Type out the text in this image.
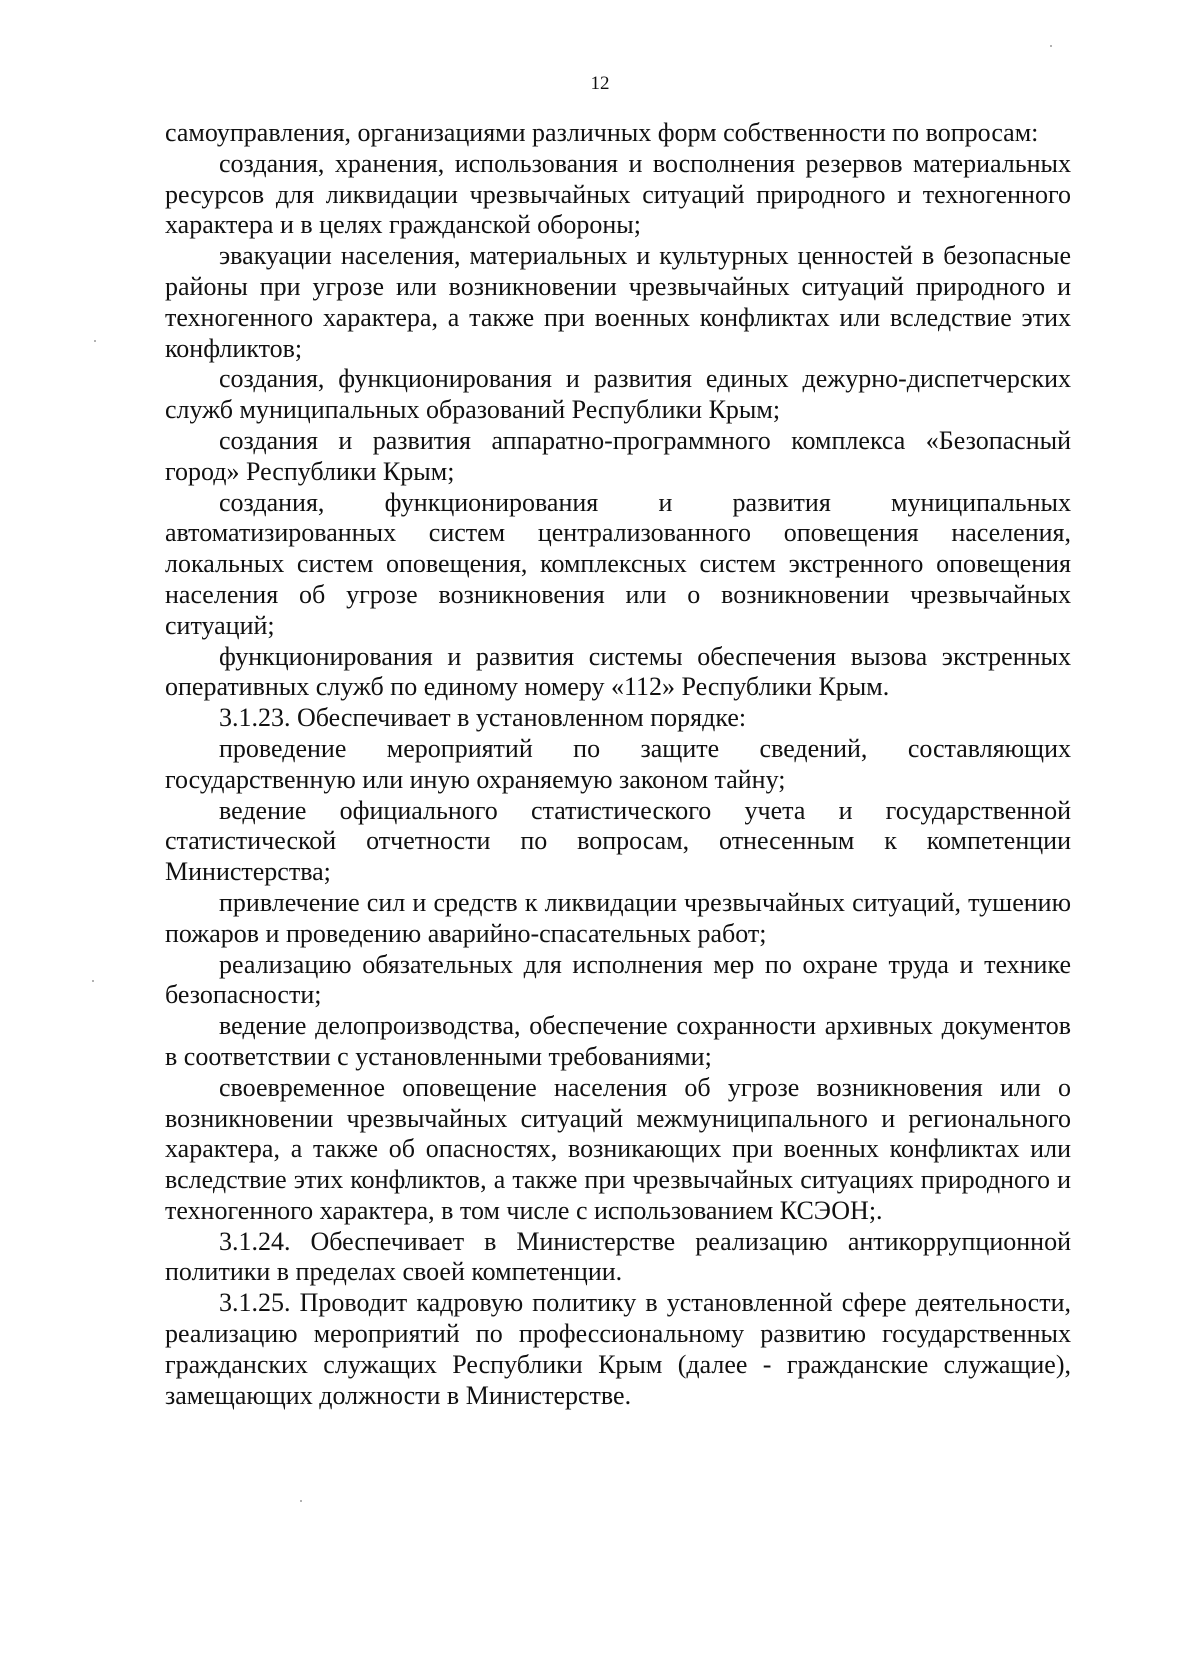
12

самоуправления, организациями различных форм собственности по вопросам:

создания, хранения, использования и восполнения резервов материальных ресурсов для ликвидации чрезвычайных ситуаций природного и техногенного характера и в целях гражданской обороны;

эвакуации населения, материальных и культурных ценностей в безопасные районы при угрозе или возникновении чрезвычайных ситуаций природного и техногенного характера, а также при военных конфликтах или вследствие этих конфликтов;

создания, функционирования и развития единых дежурно-диспетчерских служб муниципальных образований Республики Крым;

создания и развития аппаратно-программного комплекса «Безопасный город» Республики Крым;

создания, функционирования и развития муниципальных автоматизированных систем централизованного оповещения населения, локальных систем оповещения, комплексных систем экстренного оповещения населения об угрозе возникновения или о возникновении чрезвычайных ситуаций;

функционирования и развития системы обеспечения вызова экстренных оперативных служб по единому номеру «112» Республики Крым.

3.1.23. Обеспечивает в установленном порядке:

проведение мероприятий по защите сведений, составляющих государственную или иную охраняемую законом тайну;

ведение официального статистического учета и государственной статистической отчетности по вопросам, отнесенным к компетенции Министерства;

привлечение сил и средств к ликвидации чрезвычайных ситуаций, тушению пожаров и проведению аварийно-спасательных работ;

реализацию обязательных для исполнения мер по охране труда и технике безопасности;

ведение делопроизводства, обеспечение сохранности архивных документов в соответствии с установленными требованиями;

своевременное оповещение населения об угрозе возникновения или о возникновении чрезвычайных ситуаций межмуниципального и регионального характера, а также об опасностях, возникающих при военных конфликтах или вследствие этих конфликтов, а также при чрезвычайных ситуациях природного и техногенного характера, в том числе с использованием КСЭОН;.

3.1.24. Обеспечивает в Министерстве реализацию антикоррупционной политики в пределах своей компетенции.

3.1.25. Проводит кадровую политику в установленной сфере деятельности, реализацию мероприятий по профессиональному развитию государственных гражданских служащих Республики Крым (далее - гражданские служащие), замещающих должности в Министерстве.
